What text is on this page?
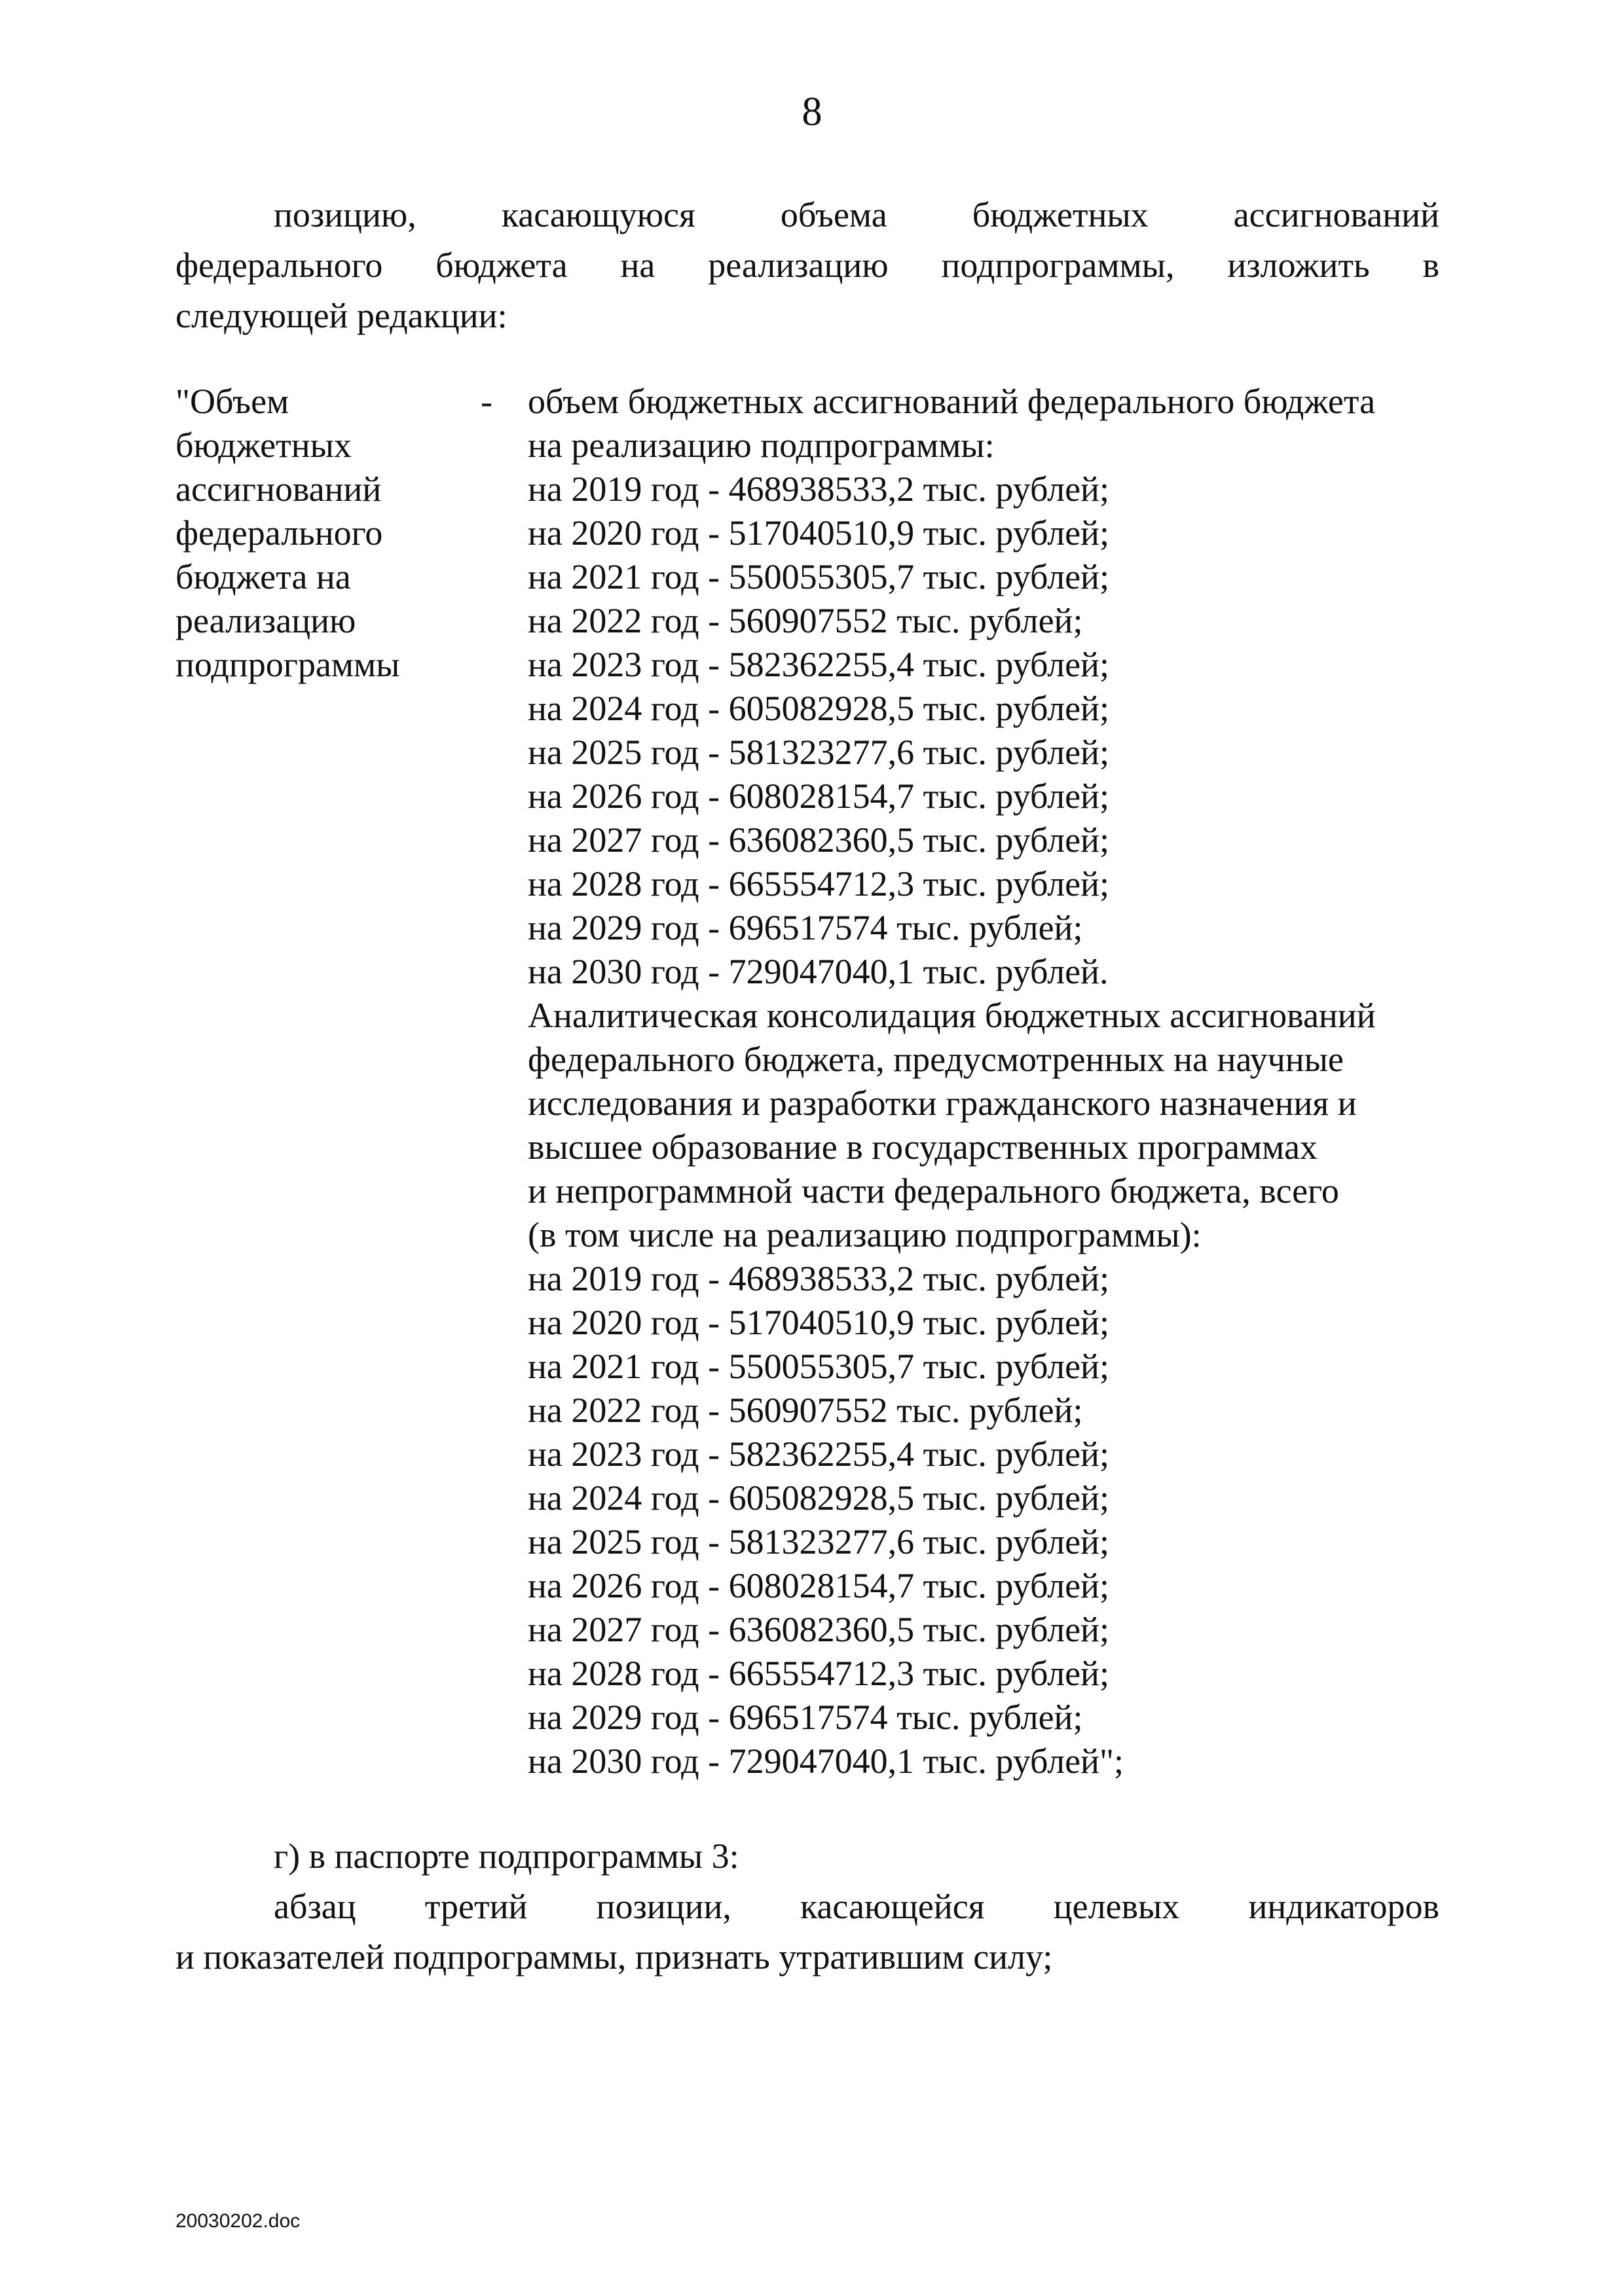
8
позицию, касающуюся объема бюджетных ассигнований
федерального бюджета на реализацию подпрограммы, изложить в
следующей редакции:
"Объем
бюджетных
ассигнований
федерального
бюджета на
реализацию
подпрограммы
- объем бюджетных ассигнований федерального бюджета
на реализацию подпрограммы:
на 2019 год - 468938533,2 тыс. рублей;
на 2020 год - 517040510,9 тыс. рублей;
на 2021 год - 550055305,7 тыс. рублей;
на 2022 год - 560907552 тыс. рублей;
на 2023 год - 582362255,4 тыс. рублей;
на 2024 год - 605082928,5 тыс. рублей;
на 2025 год - 581323277,6 тыс. рублей;
на 2026 год - 608028154,7 тыс. рублей;
на 2027 год - 636082360,5 тыс. рублей;
на 2028 год - 665554712,3 тыс. рублей;
на 2029 год - 696517574 тыс. рублей;
на 2030 год - 729047040,1 тыс. рублей.
Аналитическая консолидация бюджетных ассигнований
федерального бюджета, предусмотренных на научные
исследования и разработки гражданского назначения и
высшее образование в государственных программах
и непрограммной части федерального бюджета, всего
(в том числе на реализацию подпрограммы):
на 2019 год - 468938533,2 тыс. рублей;
на 2020 год - 517040510,9 тыс. рублей;
на 2021 год - 550055305,7 тыс. рублей;
на 2022 год - 560907552 тыс. рублей;
на 2023 год - 582362255,4 тыс. рублей;
на 2024 год - 605082928,5 тыс. рублей;
на 2025 год - 581323277,6 тыс. рублей;
на 2026 год - 608028154,7 тыс. рублей;
на 2027 год - 636082360,5 тыс. рублей;
на 2028 год - 665554712,3 тыс. рублей;
на 2029 год - 696517574 тыс. рублей;
на 2030 год - 729047040,1 тыс. рублей";
г) в паспорте подпрограммы 3:
абзац третий позиции, касающейся целевых индикаторов
и показателей подпрограммы, признать утратившим силу;
20030202.doc
